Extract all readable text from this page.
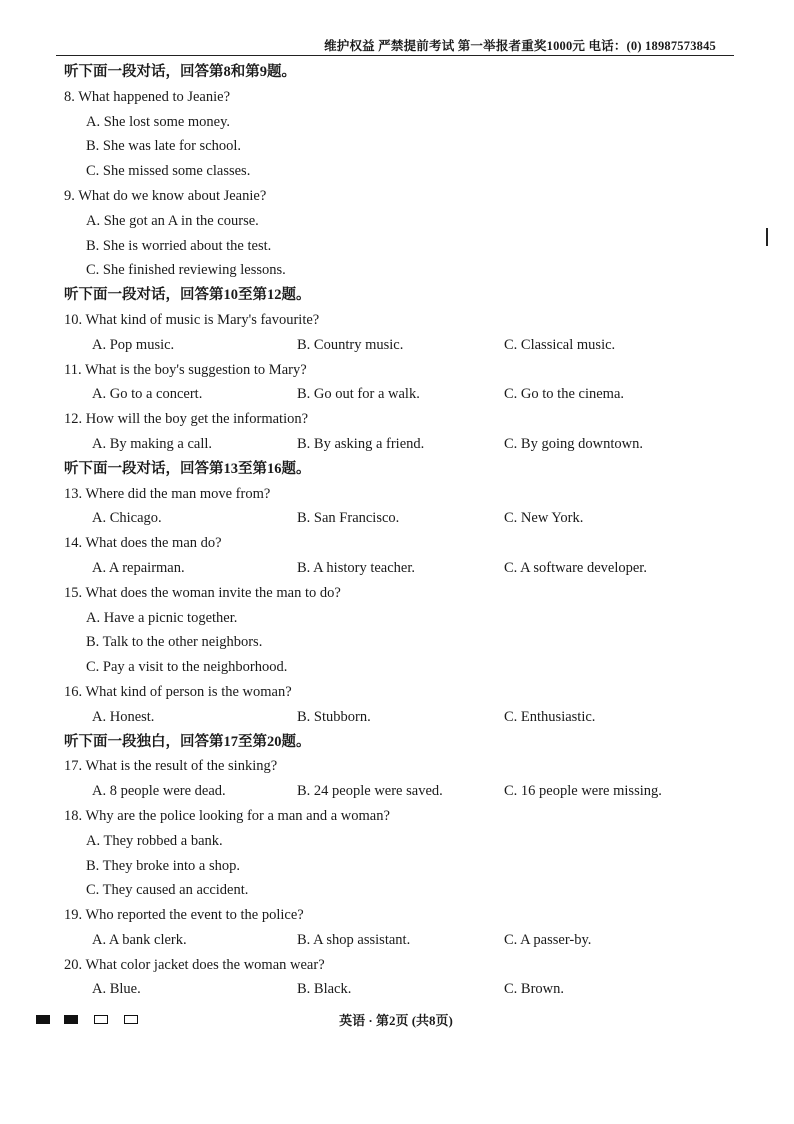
维护权益 严禁提前考试 第一举报者重奖1000元 电话：(0) 18987573845
听下面一段对话，回答第8和第9题。
8. What happened to Jeanie?
A. She lost some money.
B. She was late for school.
C. She missed some classes.
9. What do we know about Jeanie?
A. She got an A in the course.
B. She is worried about the test.
C. She finished reviewing lessons.
听下面一段对话，回答第10至第12题。
10. What kind of music is Mary's favourite?
A. Pop music.	B. Country music.	C. Classical music.
11. What is the boy's suggestion to Mary?
A. Go to a concert.	B. Go out for a walk.	C. Go to the cinema.
12. How will the boy get the information?
A. By making a call.	B. By asking a friend.	C. By going downtown.
听下面一段对话，回答第13至第16题。
13. Where did the man move from?
A. Chicago.	B. San Francisco.	C. New York.
14. What does the man do?
A. A repairman.	B. A history teacher.	C. A software developer.
15. What does the woman invite the man to do?
A. Have a picnic together.
B. Talk to the other neighbors.
C. Pay a visit to the neighborhood.
16. What kind of person is the woman?
A. Honest.	B. Stubborn.	C. Enthusiastic.
听下面一段独白，回答第17至第20题。
17. What is the result of the sinking?
A. 8 people were dead.	B. 24 people were saved.	C. 16 people were missing.
18. Why are the police looking for a man and a woman?
A. They robbed a bank.
B. They broke into a shop.
C. They caused an accident.
19. Who reported the event to the police?
A. A bank clerk.	B. A shop assistant.	C. A passer-by.
20. What color jacket does the woman wear?
A. Blue.	B. Black.	C. Brown.
英语 · 第2页 (共8页)
